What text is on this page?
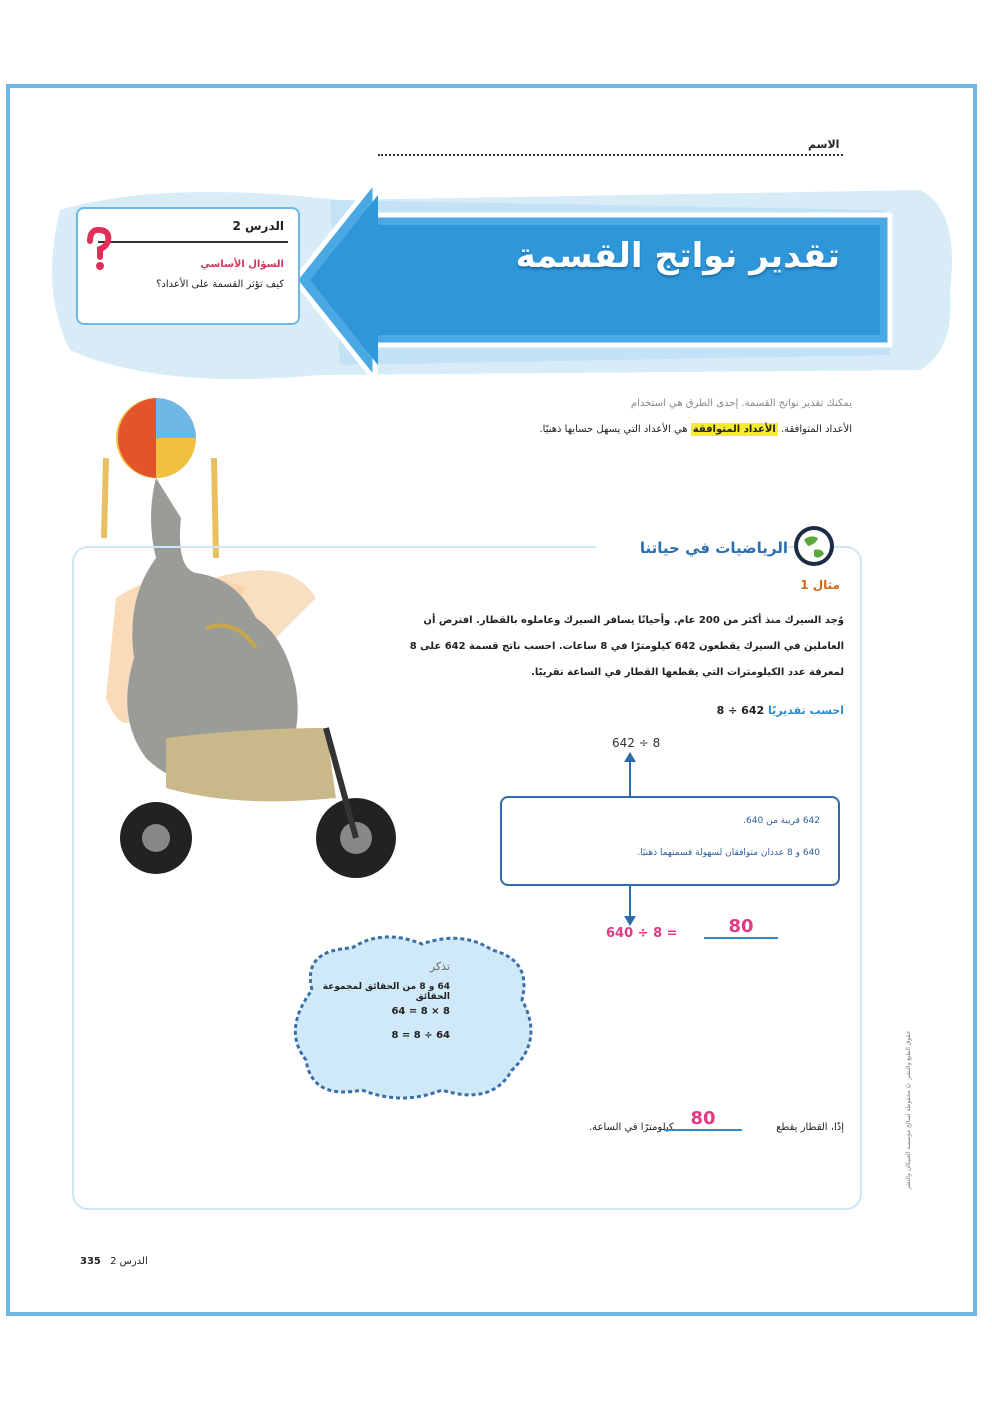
الاسم
تقدير نواتج القسمة
الدرس 2
السؤال الأساسي
كيف تؤثر القسمة على الأعداد؟
يمكنك تقدير نواتج القسمة. إحدى الطرق هي استخدام
الأعداد المتوافقة. الأعداد المتوافقة هي الأعداد التي يسهل حسابها ذهنيًا.
الرياضيات في حياتنا
مثال 1
وُجد السيرك منذ أكثر من 200 عام. وأحيانًا يسافر السيرك وعاملوه بالقطار. افترض أن العاملين في السيرك يقطعون 642 كيلومترًا في 8 ساعات. احسب ناتج قسمة 642 على 8 لمعرفة عدد الكيلومترات التي يقطعها القطار في الساعة تقريبًا.
احسب تقديريًا 642 ÷ 8
642 ÷ 8
642 قريبة من 640.
640 و 8 عددان متوافقان لسهولة قسمتهما ذهنيًا.
640 ÷ 8 =	80
تذكر
64 و 8 من الحقائق لمجموعة الحقائق
8 × 8 = 64
64 ÷ 8 = 8
إذًا، القطار يقطع  كيلومترًا في الساعة. 80
335 الدرس 2
حقوق الطبع والنشر © محفوظة لصالح مؤسسة العبيكان والنشر
